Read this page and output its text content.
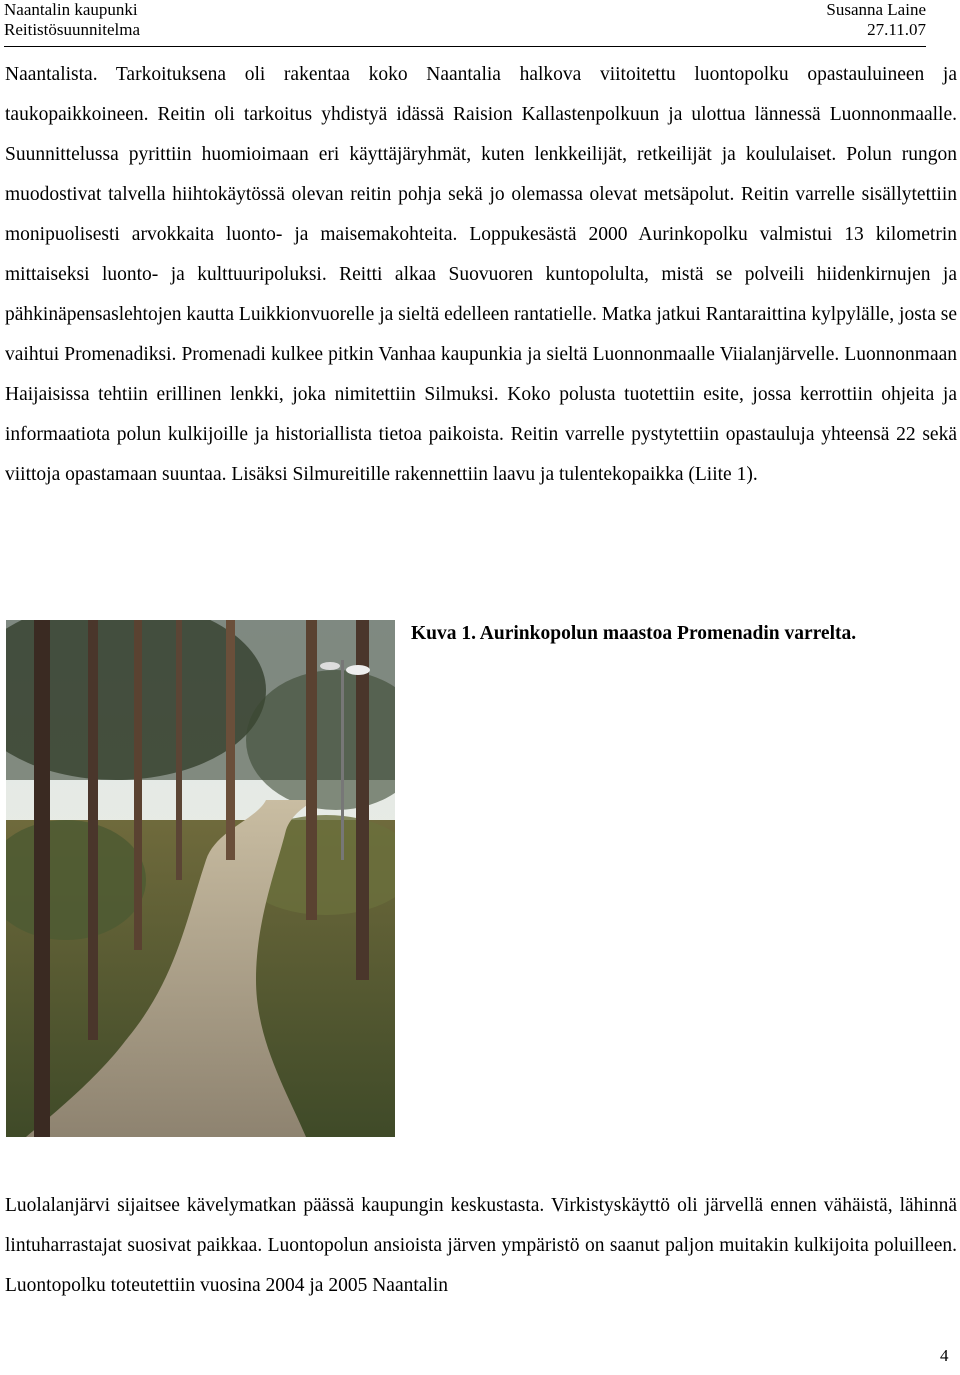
Naantalin kaupunki	Susanna Laine
Reitistösuunnitelma	27.11.07

Naantalista. Tarkoituksena oli rakentaa koko Naantalia halkova viitoitettu luontopolku opastauluineen ja taukopaikkoineen. Reitin oli tarkoitus yhdistyä idässä Raision Kallastenpolkuun ja ulottua lännessä Luonnonmaalle. Suunnittelussa pyrittiin huomioimaan eri käyttäjäryhmät, kuten lenkkeilijät, retkeilijät ja koululaiset. Polun rungon muodostivat talvella hiihtokäytössä olevan reitin pohja sekä jo olemassa olevat metsäpolut. Reitin varrelle sisällytettiin monipuolisesti arvokkaita luonto- ja maisemakohteita. Loppukesästä 2000 Aurinkopolku valmistui 13 kilometrin mittaiseksi luonto- ja kulttuuripoluksi. Reitti alkaa Suovuoren kuntopolulta, mistä se polveili hiidenkirnujen ja pähkinäpensaslehtojen kautta Luikkionvuorelle ja sieltä edelleen rantatielle. Matka jatkui Rantaraittina kylpylälle, josta se vaihtui Promenadiksi. Promenadi kulkee pitkin Vanhaa kaupunkia ja sieltä Luonnonmaalle Viialanjärvelle. Luonnonmaan Haijaisissa tehtiin erillinen lenkki, joka nimitettiin Silmuksi. Koko polusta tuotettiin esite, jossa kerrottiin ohjeita ja informaatiota polun kulkijoille ja historiallista tietoa paikoista. Reitin varrelle pystytettiin opastauluja yhteensä 22 sekä viittoja opastamaan suuntaa. Lisäksi Silmureitille rakennettiin laavu ja tulentekopaikka (Liite 1).

Kuva 1. Aurinkopolun maastoa Promenadin varrelta.

Luolalanjärvi sijaitsee kävelymatkan päässä kaupungin keskustasta. Virkistyskäyttö oli järvellä ennen vähäistä, lähinnä lintuharrastajat suosivat paikkaa. Luontopolun ansioista järven ympäristö on saanut paljon muitakin kulkijoita poluilleen. Luontopolku toteutettiin vuosina 2004 ja 2005 Naantalin

4
